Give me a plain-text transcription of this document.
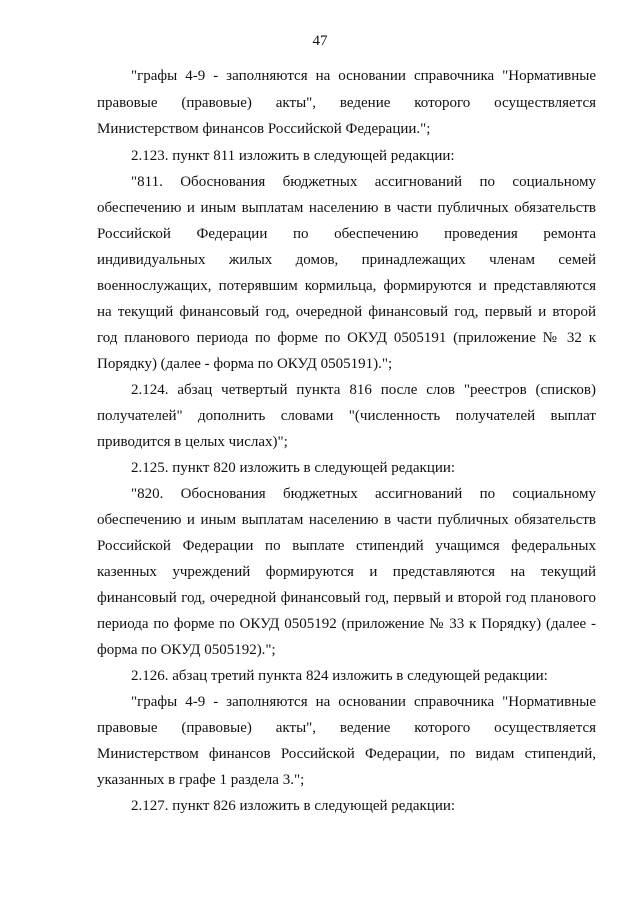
47
"графы 4-9 - заполняются на основании справочника "Нормативные
правовые (правовые) акты", ведение которого осуществляется
Министерством финансов Российской Федерации.";
2.123. пункт 811 изложить в следующей редакции:
"811. Обоснования бюджетных ассигнований по социальному
обеспечению и иным выплатам населению в части публичных обязательств
Российской Федерации по обеспечению проведения ремонта
индивидуальных жилых домов, принадлежащих членам семей
военнослужащих, потерявшим кормильца, формируются и представляются
на текущий финансовый год, очередной финансовый год, первый и второй
год планового периода по форме по ОКУД 0505191 (приложение № 32 к
Порядку) (далее - форма по ОКУД 0505191).";
2.124. абзац четвертый пункта 816 после слов "реестров (списков)
получателей" дополнить словами "(численность получателей выплат
приводится в целых числах)";
2.125. пункт 820 изложить в следующей редакции:
"820. Обоснования бюджетных ассигнований по социальному
обеспечению и иным выплатам населению в части публичных обязательств
Российской Федерации по выплате стипендий учащимся федеральных
казенных учреждений формируются и представляются на текущий
финансовый год, очередной финансовый год, первый и второй год планового
периода по форме по ОКУД 0505192 (приложение № 33 к Порядку) (далее -
форма по ОКУД 0505192).";
2.126. абзац третий пункта 824 изложить в следующей редакции:
"графы 4-9 - заполняются на основании справочника "Нормативные
правовые (правовые) акты", ведение которого осуществляется
Министерством финансов Российской Федерации, по видам стипендий,
указанных в графе 1 раздела 3.";
2.127. пункт 826 изложить в следующей редакции:
